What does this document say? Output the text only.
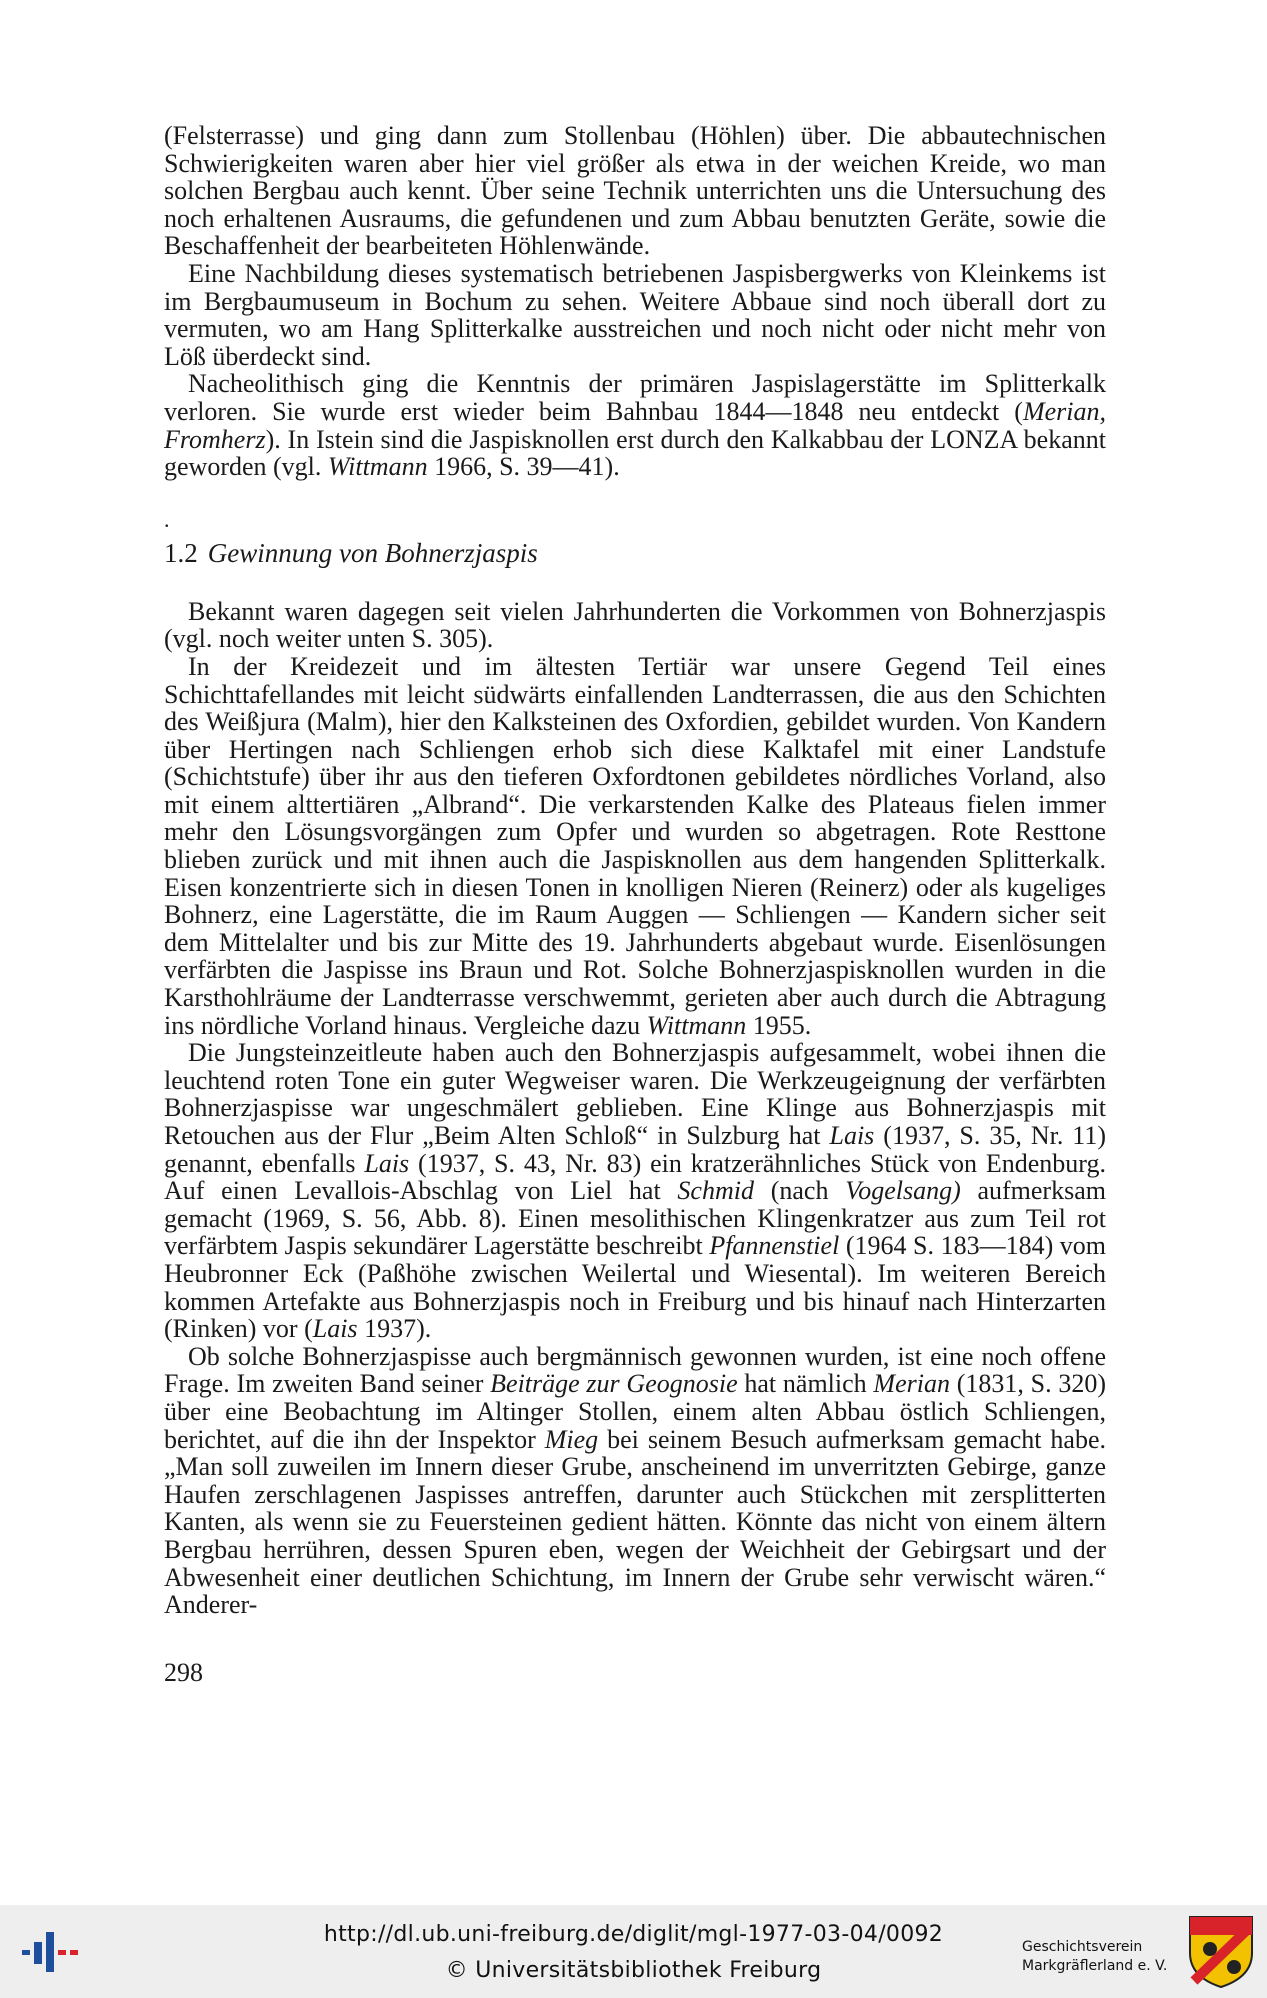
(Felsterrasse) und ging dann zum Stollenbau (Höhlen) über. Die abbautechnischen Schwierigkeiten waren aber hier viel größer als etwa in der weichen Kreide, wo man solchen Bergbau auch kennt. Über seine Technik unterrichten uns die Untersuchung des noch erhaltenen Ausraums, die gefundenen und zum Abbau benutzten Geräte, sowie die Beschaffenheit der bearbeiteten Höhlenwände.

Eine Nachbildung dieses systematisch betriebenen Jaspisbergwerks von Kleinkems ist im Bergbaumuseum in Bochum zu sehen. Weitere Abbaue sind noch überall dort zu vermuten, wo am Hang Splitterkalke ausstreichen und noch nicht oder nicht mehr von Löß überdeckt sind.

Nacheolithisch ging die Kenntnis der primären Jaspislagerstätte im Splitterkalk verloren. Sie wurde erst wieder beim Bahnbau 1844—1848 neu entdeckt (Merian, Fromherz). In Istein sind die Jaspisknollen erst durch den Kalkabbau der LONZA bekannt geworden (vgl. Wittmann 1966, S. 39—41).

.
1.2 Gewinnung von Bohnerzjaspis

Bekannt waren dagegen seit vielen Jahrhunderten die Vorkommen von Bohnerzjaspis (vgl. noch weiter unten S. 305).

In der Kreidezeit und im ältesten Tertiär war unsere Gegend Teil eines Schichttafellandes mit leicht südwärts einfallenden Landterrassen, die aus den Schichten des Weißjura (Malm), hier den Kalksteinen des Oxfordien, gebildet wurden. Von Kandern über Hertingen nach Schliengen erhob sich diese Kalktafel mit einer Landstufe (Schichtstufe) über ihr aus den tieferen Oxfordtonen gebildetes nördliches Vorland, also mit einem alttertiären „Albrand“. Die verkarstenden Kalke des Plateaus fielen immer mehr den Lösungsvorgängen zum Opfer und wurden so abgetragen. Rote Resttone blieben zurück und mit ihnen auch die Jaspisknollen aus dem hangenden Splitterkalk. Eisen konzentrierte sich in diesen Tonen in knolligen Nieren (Reinerz) oder als kugeliges Bohnerz, eine Lagerstätte, die im Raum Auggen — Schliengen — Kandern sicher seit dem Mittelalter und bis zur Mitte des 19. Jahrhunderts abgebaut wurde. Eisenlösungen verfärbten die Jaspisse ins Braun und Rot. Solche Bohnerzjaspisknollen wurden in die Karsthohlräume der Landterrasse verschwemmt, gerieten aber auch durch die Abtragung ins nördliche Vorland hinaus. Vergleiche dazu Wittmann 1955.

Die Jungsteinzeitleute haben auch den Bohnerzjaspis aufgesammelt, wobei ihnen die leuchtend roten Tone ein guter Wegweiser waren. Die Werkzeugeignung der verfärbten Bohnerzjaspisse war ungeschmälert geblieben. Eine Klinge aus Bohnerzjaspis mit Retouchen aus der Flur „Beim Alten Schloß“ in Sulzburg hat Lais (1937, S. 35, Nr. 11) genannt, ebenfalls Lais (1937, S. 43, Nr. 83) ein kratzerähnliches Stück von Endenburg. Auf einen Levallois-Abschlag von Liel hat Schmid (nach Vogelsang) aufmerksam gemacht (1969, S. 56, Abb. 8). Einen mesolithischen Klingenkratzer aus zum Teil rot verfärbtem Jaspis sekundärer Lagerstätte beschreibt Pfannenstiel (1964 S. 183—184) vom Heubronner Eck (Paßhöhe zwischen Weilertal und Wiesental). Im weiteren Bereich kommen Artefakte aus Bohnerzjaspis noch in Freiburg und bis hinauf nach Hinterzarten (Rinken) vor (Lais 1937).

Ob solche Bohnerzjaspisse auch bergmännisch gewonnen wurden, ist eine noch offene Frage. Im zweiten Band seiner Beiträge zur Geognosie hat nämlich Merian (1831, S. 320) über eine Beobachtung im Altinger Stollen, einem alten Abbau östlich Schliengen, berichtet, auf die ihn der Inspektor Mieg bei seinem Besuch aufmerksam gemacht habe. „Man soll zuweilen im Innern dieser Grube, anscheinend im unverritzten Gebirge, ganze Haufen zerschlagenen Jaspisses antreffen, darunter auch Stückchen mit zersplitterten Kanten, als wenn sie zu Feuersteinen gedient hätten. Könnte das nicht von einem ältern Bergbau herrühren, dessen Spuren eben, wegen der Weichheit der Gebirgsart und der Abwesenheit einer deutlichen Schichtung, im Innern der Grube sehr verwischt wären.“ Anderer-

298
http://dl.ub.uni-freiburg.de/diglit/mgl-1977-03-04/0092
© Universitätsbibliothek Freiburg
Geschichtsverein
Markgräflerland e. V.
